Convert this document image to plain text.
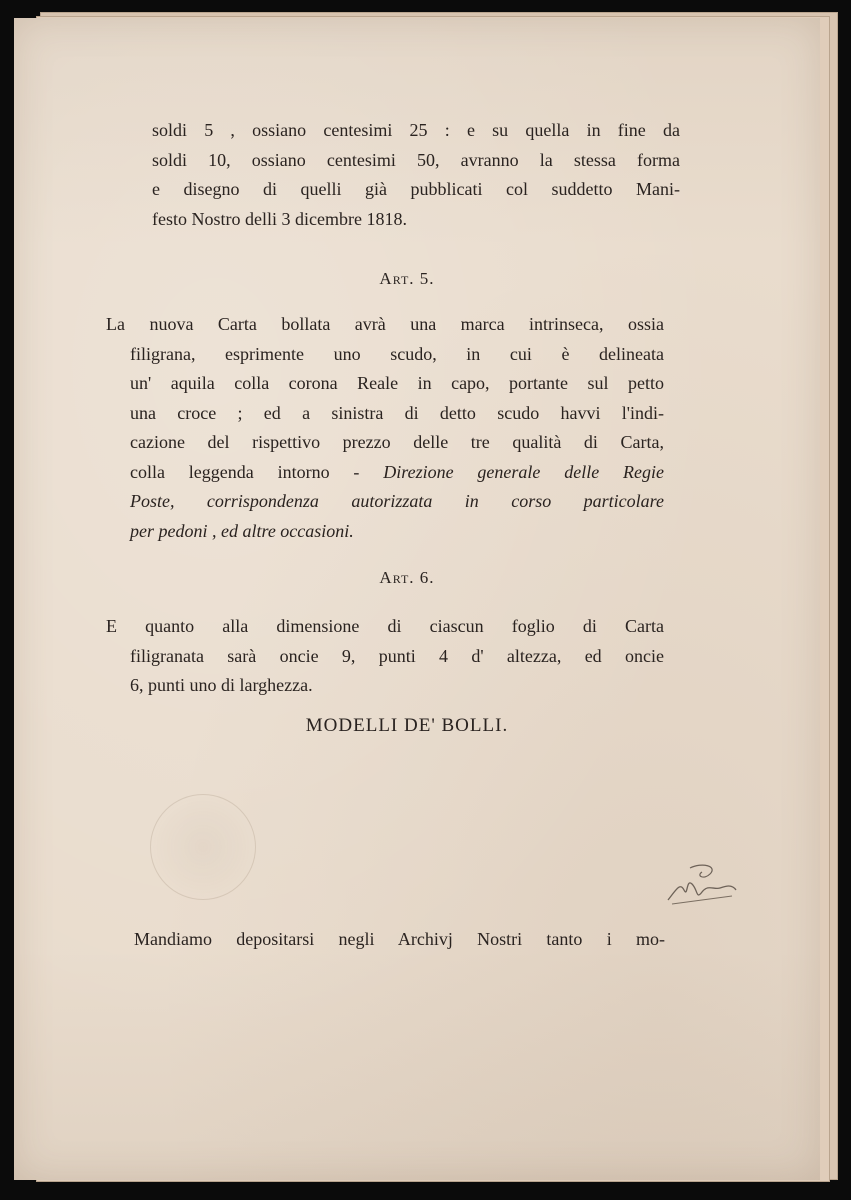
soldi 5 , ossiano centesimi 25 : e su quella in fine da
soldi 10, ossiano centesimi 50, avranno la stessa forma
e disegno di quelli già pubblicati col suddetto Mani-
festo Nostro delli 3 dicembre 1818.
Art. 5.
La nuova Carta bollata avrà una marca intrinseca, ossia
filigrana, esprimente uno scudo, in cui è delineata
un' aquila colla corona Reale in capo, portante sul petto
una croce ; ed a sinistra di detto scudo havvi l'indi-
cazione del rispettivo prezzo delle tre qualità di Carta,
colla leggenda intorno - Direzione generale delle Regie
Poste, corrispondenza autorizzata in corso particolare
per pedoni , ed altre occasioni.
Art. 6.
E quanto alla dimensione di ciascun foglio di Carta
filigranata sarà oncie 9, punti 4 d' altezza, ed oncie
6, punti uno di larghezza.
MODELLI DE' BOLLI.
Mandiamo depositarsi negli Archivj Nostri tanto i mo-
